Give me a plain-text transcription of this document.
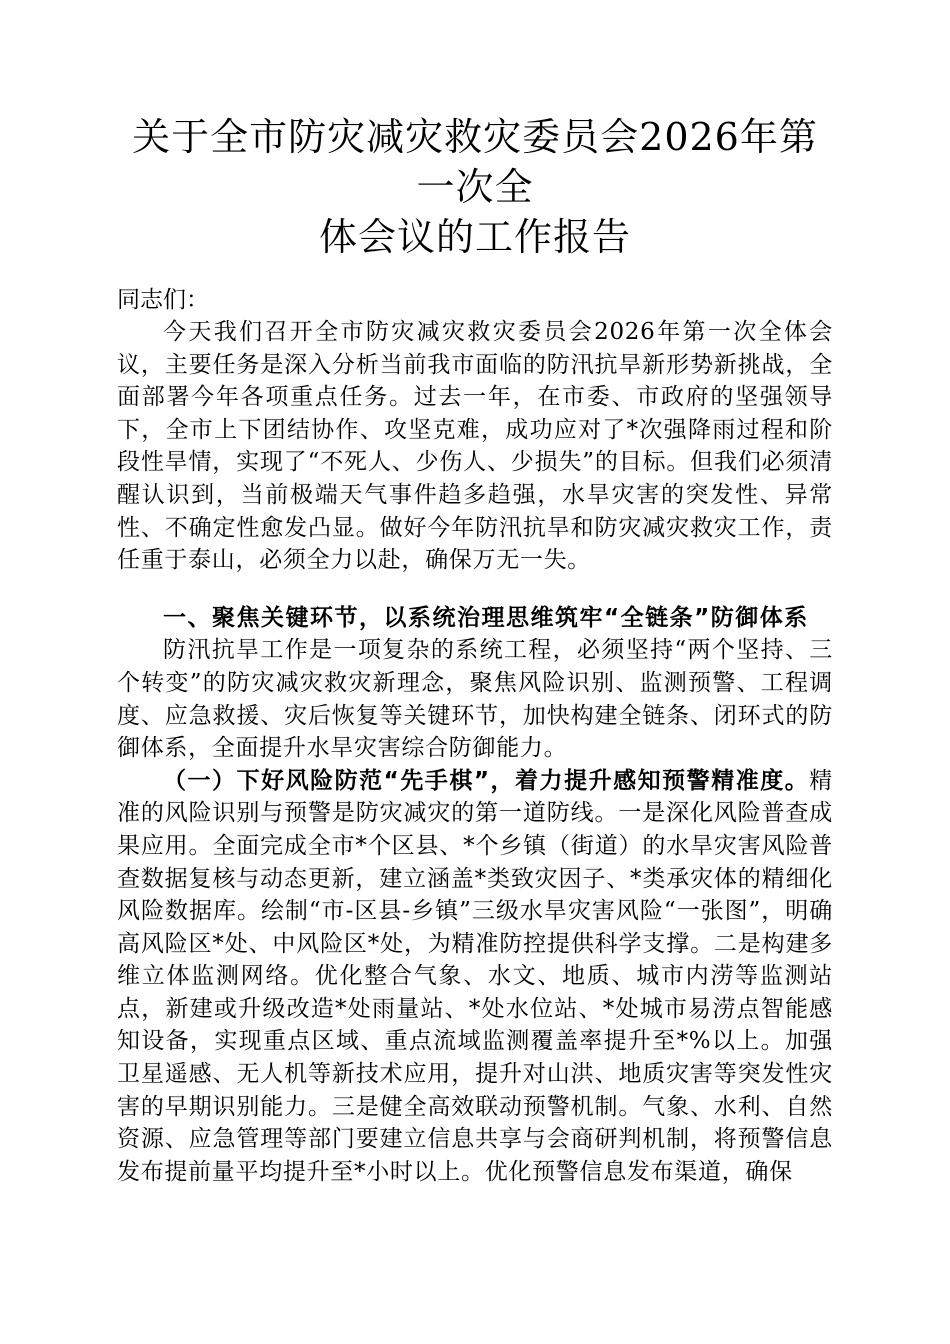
关于全市防灾减灾救灾委员会2026年第一次全
体会议的工作报告
同志们：

今天我们召开全市防灾减灾救灾委员会2026年第一次全体会议，主要任务是深入分析当前我市面临的防汛抗旱新形势新挑战，全面部署今年各项重点任务。过去一年，在市委、市政府的坚强领导下，全市上下团结协作、攻坚克难，成功应对了*次强降雨过程和阶段性旱情，实现了“不死人、少伤人、少损失”的目标。但我们必须清醒认识到，当前极端天气事件趋多趋强，水旱灾害的突发性、异常性、不确定性愈发凸显。做好今年防汛抗旱和防灾减灾救灾工作，责任重于泰山，必须全力以赴，确保万无一失。

一、聚焦关键环节，以系统治理思维筑牢“全链条”防御体系

防汛抗旱工作是一项复杂的系统工程，必须坚持“两个坚持、三个转变”的防灾减灾救灾新理念，聚焦风险识别、监测预警、工程调度、应急救援、灾后恢复等关键环节，加快构建全链条、闭环式的防御体系，全面提升水旱灾害综合防御能力。

（一）下好风险防范“先手棋”，着力提升感知预警精准度。精准的风险识别与预警是防灾减灾的第一道防线。一是深化风险普查成果应用。全面完成全市*个区县、*个乡镇（街道）的水旱灾害风险普查数据复核与动态更新，建立涵盖*类致灾因子、*类承灾体的精细化风险数据库。绘制“市-区县-乡镇”三级水旱灾害风险“一张图”，明确高风险区*处、中风险区*处，为精准防控提供科学支撑。二是构建多维立体监测网络。优化整合气象、水文、地质、城市内涝等监测站点，新建或升级改造*处雨量站、*处水位站、*处城市易涝点智能感知设备，实现重点区域、重点流域监测覆盖率提升至*%以上。加强卫星遥感、无人机等新技术应用，提升对山洪、地质灾害等突发性灾害的早期识别能力。三是健全高效联动预警机制。气象、水利、自然资源、应急管理等部门要建立信息共享与会商研判机制，将预警信息发布提前量平均提升至*小时以上。优化预警信息发布渠道，确保
